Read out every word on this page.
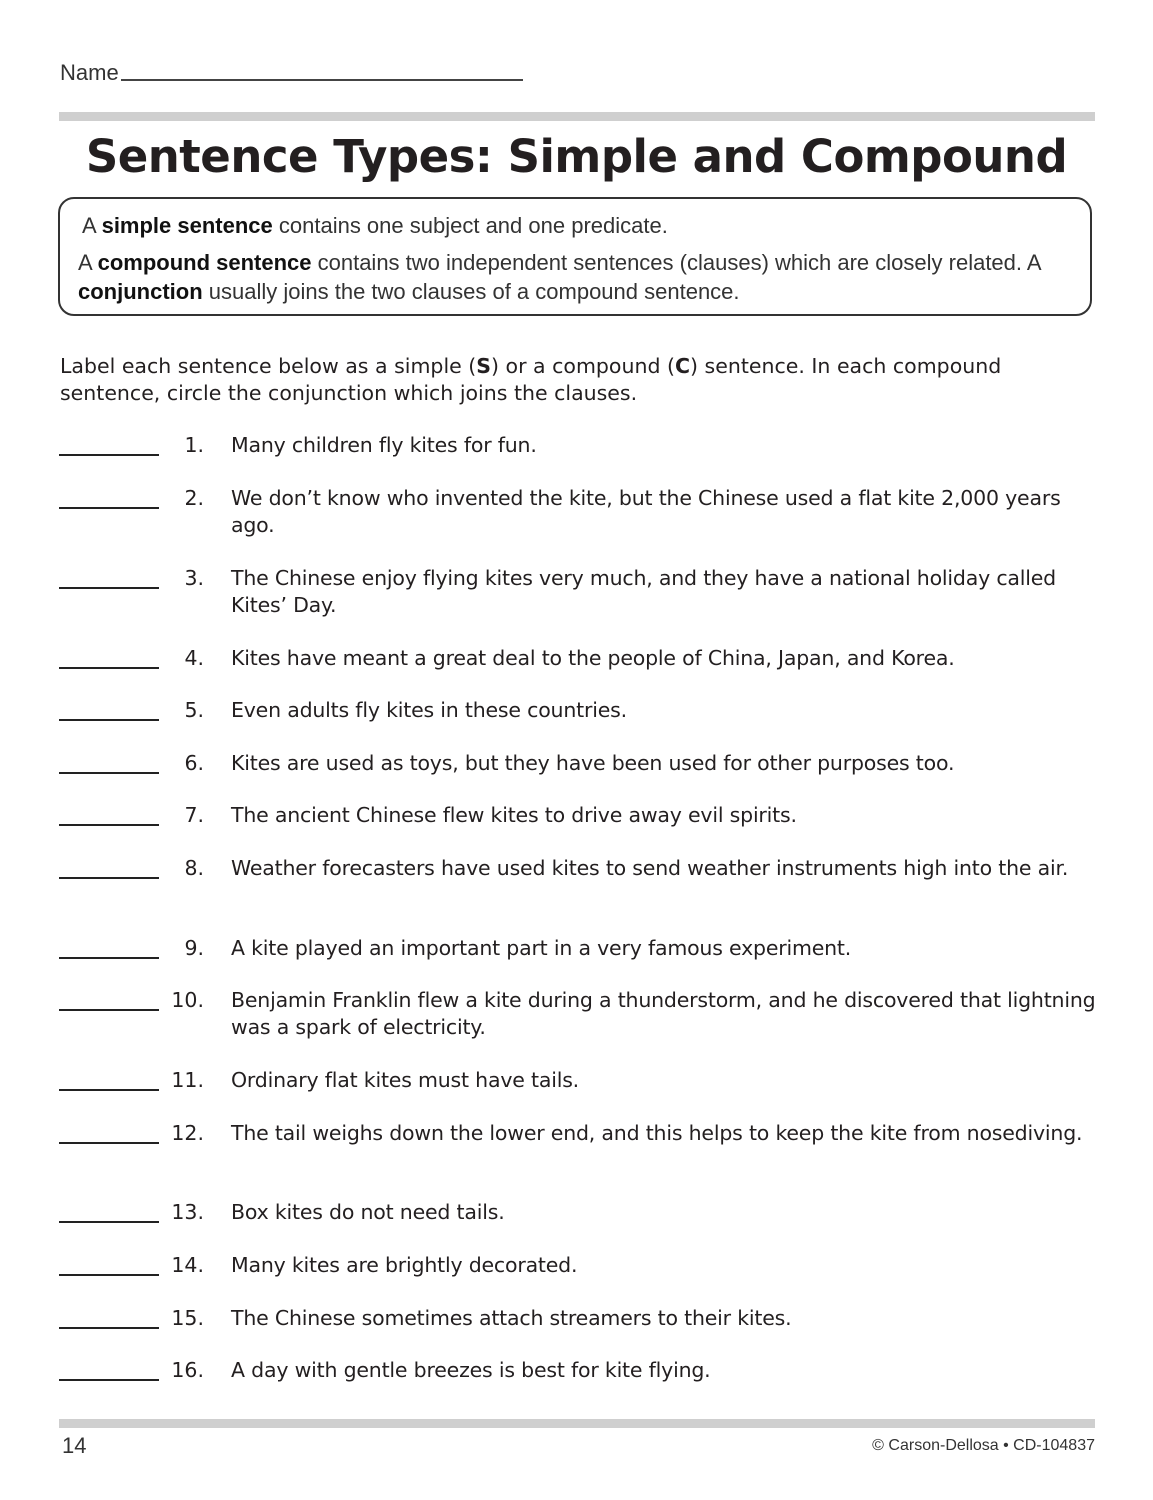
Name
Sentence Types: Simple and Compound

A simple sentence contains one subject and one predicate.

A compound sentence contains two independent sentences (clauses) which are closely related. A conjunction usually joins the two clauses of a compound sentence.

Label each sentence below as a simple (S) or a compound (C) sentence. In each compound sentence, circle the conjunction which joins the clauses.
1. Many children fly kites for fun.
2. We don’t know who invented the kite, but the Chinese used a flat kite 2,000 years ago.
3. The Chinese enjoy flying kites very much, and they have a national holiday called Kites’ Day.
4. Kites have meant a great deal to the people of China, Japan, and Korea.
5. Even adults fly kites in these countries.
6. Kites are used as toys, but they have been used for other purposes too.
7. The ancient Chinese flew kites to drive away evil spirits.
8. Weather forecasters have used kites to send weather instruments high into the air.
9. A kite played an important part in a very famous experiment.
10. Benjamin Franklin flew a kite during a thunderstorm, and he discovered that lightning was a spark of electricity.
11. Ordinary flat kites must have tails.
12. The tail weighs down the lower end, and this helps to keep the kite from nosediving.
13. Box kites do not need tails.
14. Many kites are brightly decorated.
15. The Chinese sometimes attach streamers to their kites.
16. A day with gentle breezes is best for kite flying.
14	© Carson-Dellosa • CD-104837
